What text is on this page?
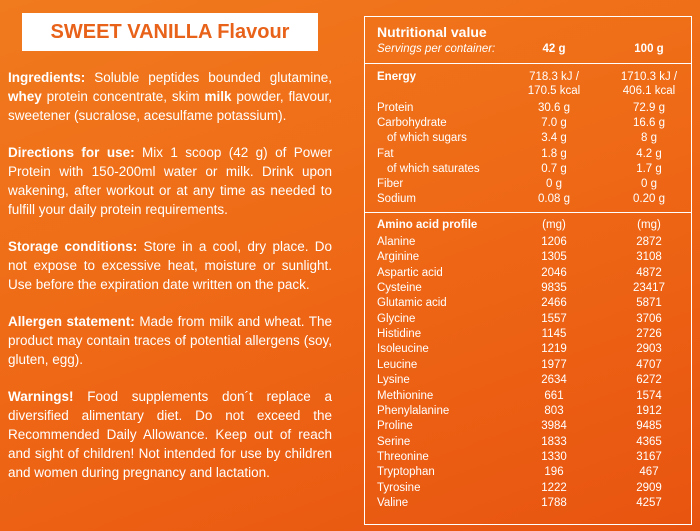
SWEET VANILLA Flavour

Ingredients: Soluble peptides bounded glutamine, whey protein concentrate, skim milk powder, flavour, sweetener (sucralose, acesulfame potassium).

Directions for use: Mix 1 scoop (42 g) of Power Protein with 150-200ml water or milk. Drink upon wakening, after workout or at any time as needed to fulfill your daily protein requirements.

Storage conditions: Store in a cool, dry place. Do not expose to excessive heat, moisture or sunlight. Use before the expiration date written on the pack.

Allergen statement: Made from milk and wheat. The product may contain traces of potential allergens (soy, gluten, egg).

Warnings! Food supplements don´t replace a diversified alimentary diet. Do not exceed the Recommended Daily Allowance. Keep out of reach and sight of children! Not intended for use by children and women during pregnancy and lactation.

Nutritional value
Servings per container:	42 g	100 g
Energy	718.3 kJ /	1710.3 kJ /
170.5 kcal	406.1 kcal
Protein	30.6 g	72.9 g
Carbohydrate	7.0 g	16.6 g
of which sugars	3.4 g	8 g
Fat	1.8 g	4.2 g
of which saturates	0.7 g	1.7 g
Fiber	0 g	0 g
Sodium	0.08 g	0.20 g
Amino acid profile	(mg)	(mg)
Alanine	1206	2872
Arginine	1305	3108
Aspartic acid	2046	4872
Cysteine	9835	23417
Glutamic acid	2466	5871
Glycine	1557	3706
Histidine	1145	2726
Isoleucine	1219	2903
Leucine	1977	4707
Lysine	2634	6272
Methionine	661	1574
Phenylalanine	803	1912
Proline	3984	9485
Serine	1833	4365
Threonine	1330	3167
Tryptophan	196	467
Tyrosine	1222	2909
Valine	1788	4257
